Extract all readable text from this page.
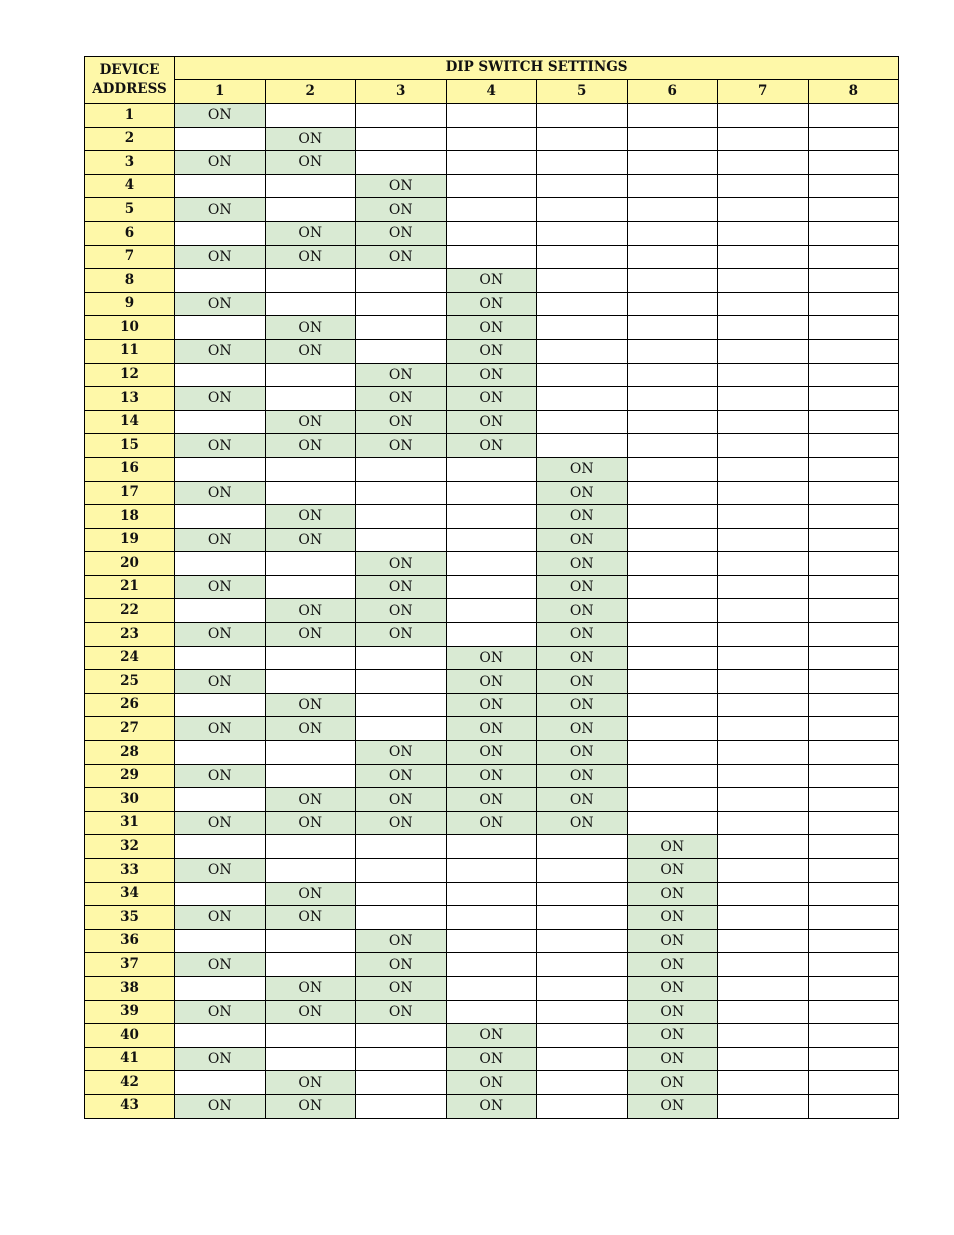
DEVICE
ADDRESS	DIP SWITCH SETTINGS							
	1	2	3	4	5	6	7	8
1	ON							
2		ON						
3	ON	ON						
4			ON					
5	ON		ON					
6		ON	ON					
7	ON	ON	ON					
8				ON				
9	ON			ON				
10		ON		ON				
11	ON	ON		ON				
12			ON	ON				
13	ON		ON	ON				
14		ON	ON	ON				
15	ON	ON	ON	ON				
16					ON			
17	ON				ON			
18		ON			ON			
19	ON	ON			ON			
20			ON		ON			
21	ON		ON		ON			
22		ON	ON		ON			
23	ON	ON	ON		ON			
24				ON	ON			
25	ON			ON	ON			
26		ON		ON	ON			
27	ON	ON		ON	ON			
28			ON	ON	ON			
29	ON		ON	ON	ON			
30		ON	ON	ON	ON			
31	ON	ON	ON	ON	ON			
32						ON		
33	ON					ON		
34		ON				ON		
35	ON	ON				ON		
36			ON			ON		
37	ON		ON			ON		
38		ON	ON			ON		
39	ON	ON	ON			ON		
40				ON		ON		
41	ON			ON		ON		
42		ON		ON		ON		
43	ON	ON		ON		ON		
